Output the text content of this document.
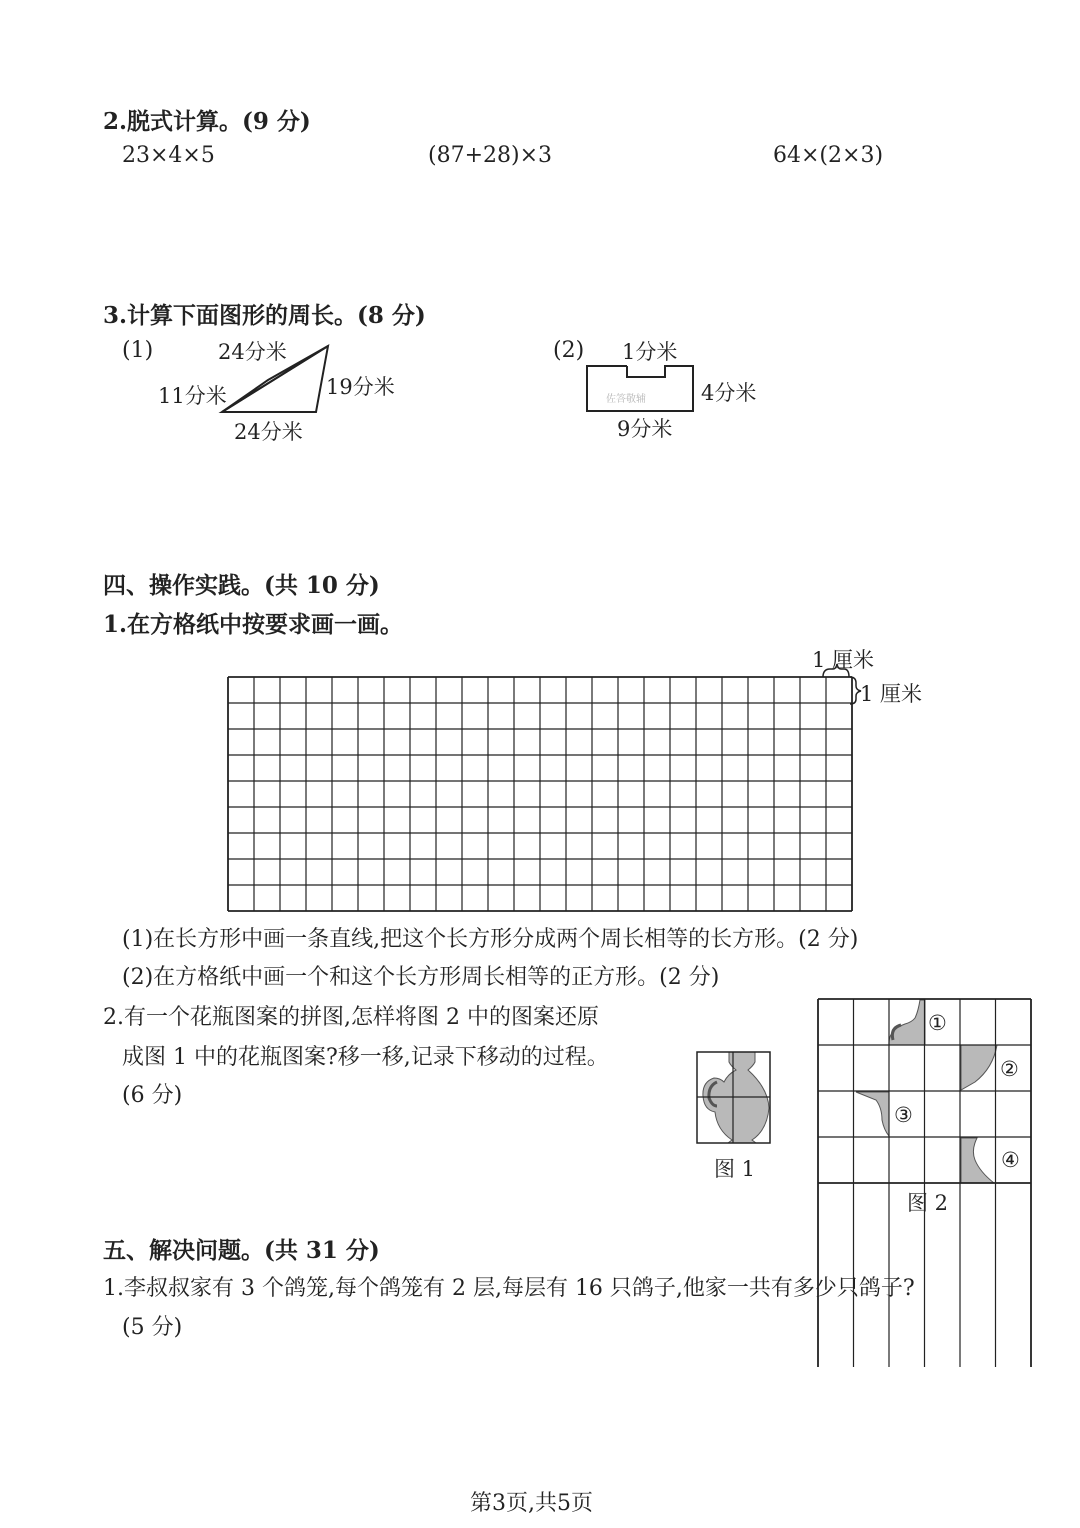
2.脱式计算。(9 分)
23×4×5	(87+28)×3	64×(2×3)
3.计算下面图形的周长。(8 分)
(1)	24分米
11分米	19分米
24分米
(2) 1分米
4分米
9分米
佐答敬辅
四、操作实践。(共 10 分)
1.在方格纸中按要求画一画。
1 厘米
1 厘米
(1)在长方形中画一条直线,把这个长方形分成两个周长相等的长方形。(2 分)
(2)在方格纸中画一个和这个长方形周长相等的正方形。(2 分)
2.有一个花瓶图案的拼图,怎样将图 2 中的图案还原
成图 1 中的花瓶图案?移一移,记录下移动的过程。
(6 分)
图 1
①
②
③
④
图 2
五、解决问题。(共 31 分)
1.李叔叔家有 3 个鸽笼,每个鸽笼有 2 层,每层有 16 只鸽子,他家一共有多少只鸽子?
(5 分)
第3页,共5页
